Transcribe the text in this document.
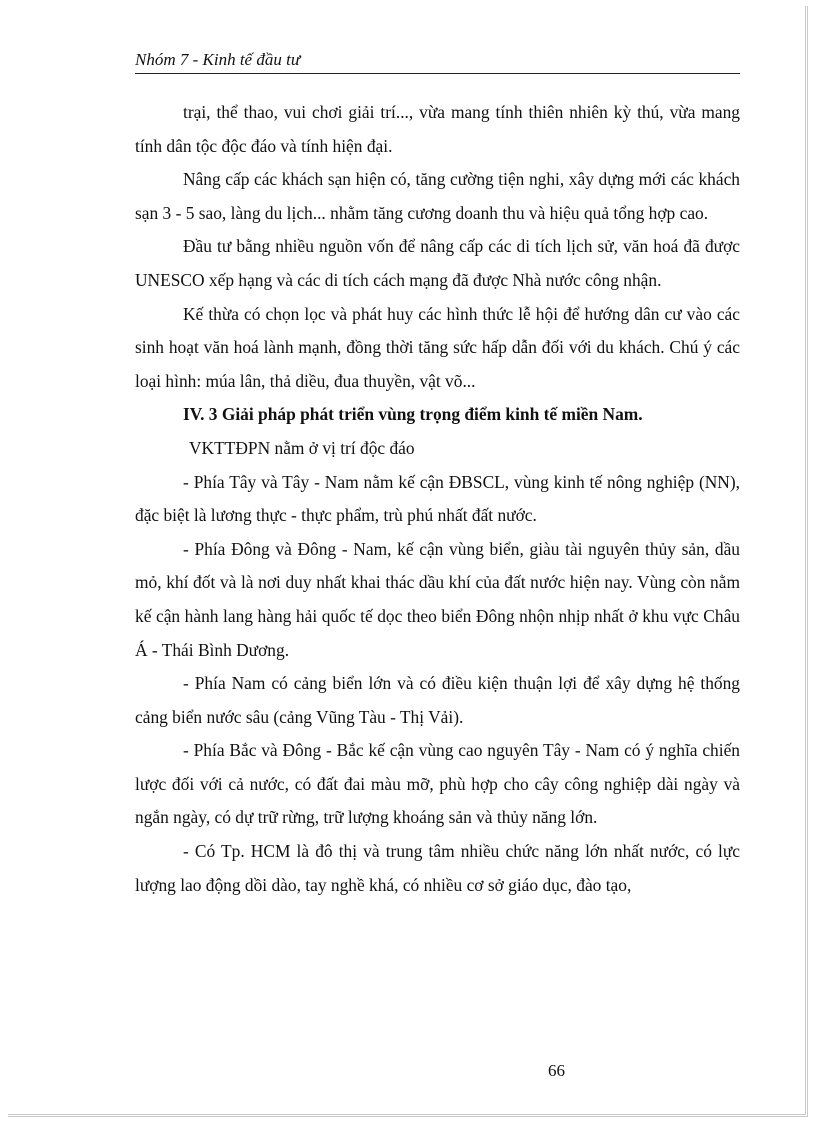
Nhóm 7 - Kinh tế đầu tư

trại, thể thao, vui chơi giải trí..., vừa mang tính thiên nhiên kỳ thú, vừa mang tính dân tộc độc đáo và tính hiện đại.

Nâng cấp các khách sạn hiện có, tăng cường tiện nghi, xây dựng mới các khách sạn 3 - 5 sao, làng du lịch... nhằm tăng cương doanh thu và hiệu quả tổng hợp cao.

Đầu tư bằng nhiều nguồn vốn để nâng cấp các di tích lịch sử, văn hoá đã được UNESCO xếp hạng và các di tích cách mạng đã được Nhà nước công nhận.

Kế thừa có chọn lọc và phát huy các hình thức lễ hội để hướng dân cư vào các sinh hoạt văn hoá lành mạnh, đồng thời tăng sức hấp dẫn đối với du khách. Chú ý các loại hình: múa lân, thả diều, đua thuyền, vật võ...

IV. 3 Giải pháp phát triển vùng trọng điểm kinh tế miền Nam.

VKTTĐPN nằm ở vị trí độc đáo

- Phía Tây và Tây - Nam nằm kế cận ĐBSCL, vùng kinh tế nông nghiệp (NN), đặc biệt là lương thực - thực phẩm, trù phú nhất đất nước.

- Phía Đông và Đông - Nam, kế cận vùng biển, giàu tài nguyên thủy sản, dầu mỏ, khí đốt và là nơi duy nhất khai thác dầu khí của đất nước hiện nay. Vùng còn nằm kế cận hành lang hàng hải quốc tế dọc theo biển Đông nhộn nhịp nhất ở khu vực Châu Á - Thái Bình Dương.

- Phía Nam có cảng biển lớn và có điều kiện thuận lợi để xây dựng hệ thống cảng biển nước sâu (cảng Vũng Tàu - Thị Vải).

- Phía Bắc và Đông - Bắc kế cận vùng cao nguyên Tây - Nam có ý nghĩa chiến lược đối với cả nước, có đất đai màu mỡ, phù hợp cho cây công nghiệp dài ngày và ngắn ngày, có dự trữ rừng, trữ lượng khoáng sản và thủy năng lớn.

- Có Tp. HCM là đô thị và trung tâm nhiều chức năng lớn nhất nước, có lực lượng lao động dồi dào, tay nghề khá, có nhiều cơ sở giáo dục, đào tạo,

66
